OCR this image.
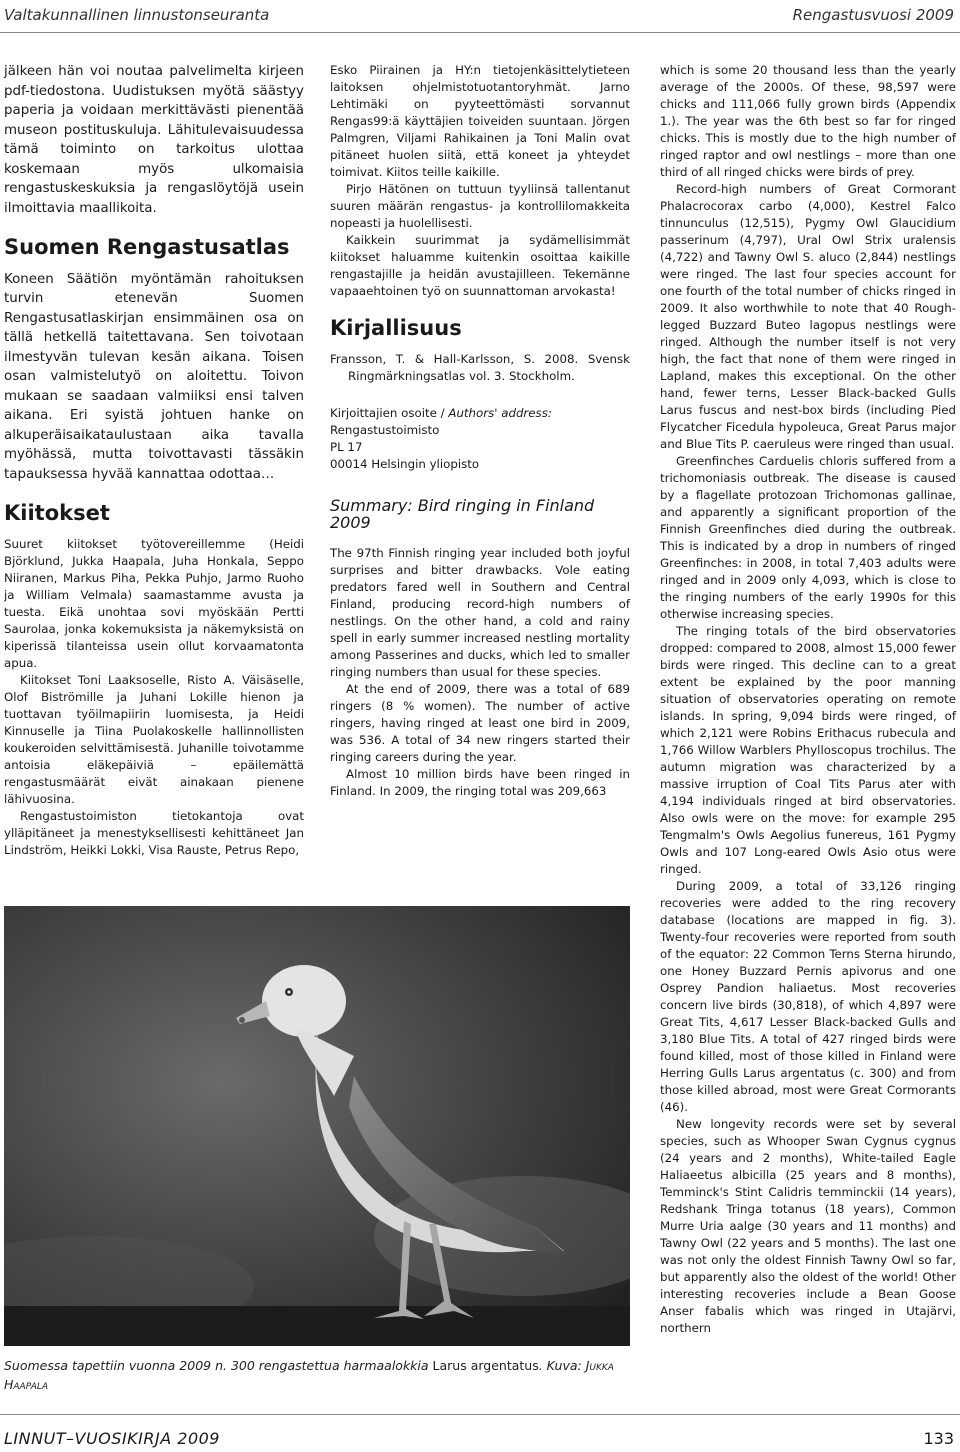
Valtakunnallinen linnustonseuranta	Rengastusvuosi 2009

jälkeen hän voi noutaa palvelimelta kirjeen pdf-tiedostona. Uudistuksen myötä säästyy paperia ja voidaan merkittävästi pienentää museon postituskuluja. Lähitulevaisuudessa tämä toiminto on tarkoitus ulottaa koskemaan myös ulkomaisia rengastuskeskuksia ja rengaslöytöjä usein ilmoittavia maallikoita.

Suomen Rengastusatlas

Koneen Säätiön myöntämän rahoituksen turvin etenevän Suomen Rengastusatlaskirjan ensimmäinen osa on tällä hetkellä taitettavana. Sen toivotaan ilmestyvän tulevan kesän aikana. Toisen osan valmistelutyö on aloitettu. Toivon mukaan se saadaan valmiiksi ensi talven aikana. Eri syistä johtuen hanke on alkuperäisaikataulustaan aika tavalla myöhässä, mutta toivottavasti tässäkin tapauksessa hyvää kannattaa odottaa…

Kiitokset

Suuret kiitokset työtovereillemme (Heidi Björklund, Jukka Haapala, Juha Honkala, Seppo Niiranen, Markus Piha, Pekka Puhjo, Jarmo Ruoho ja William Velmala) saamastamme avusta ja tuesta. Eikä unohtaa sovi myöskään Pertti Saurolaa, jonka kokemuksista ja näkemyksistä on kiperissä tilanteissa usein ollut korvaamatonta apua.

Kiitokset Toni Laaksoselle, Risto A. Väisäselle, Olof Biströmille ja Juhani Lokille hienon ja tuottavan työilmapiirin luomisesta, ja Heidi Kinnuselle ja Tiina Puolakoskelle hallinnollisten koukeroiden selvittämisestä. Juhanille toivotamme antoisia eläkepäiviä – epäilemättä rengastusmäärät eivät ainakaan pienene lähivuosina.

Rengastustoimiston tietokantoja ovat ylläpitäneet ja menestyksellisesti kehittäneet Jan Lindström, Heikki Lokki, Visa Rauste, Petrus Repo,

Esko Piirainen ja HY:n tietojenkäsittelytieteen laitoksen ohjelmistotuotantoryhmät. Jarno Lehtimäki on pyyteettömästi sorvannut Rengas99:ä käyttäjien toiveiden suuntaan. Jörgen Palmgren, Viljami Rahikainen ja Toni Malin ovat pitäneet huolen siitä, että koneet ja yhteydet toimivat. Kiitos teille kaikille.

Pirjo Hätönen on tuttuun tyyliinsä tallentanut suuren määrän rengastus- ja kontrollilomakkeita nopeasti ja huolellisesti.

Kaikkein suurimmat ja sydämellisimmät kiitokset haluamme kuitenkin osoittaa kaikille rengastajille ja heidän avustajilleen. Tekemänne vapaaehtoinen työ on suunnattoman arvokasta!

Kirjallisuus

Fransson, T. & Hall-Karlsson, S. 2008. Svensk Ringmärkningsatlas vol. 3. Stockholm.

Kirjoittajien osoite / Authors' address:

Rengastustoimisto

PL 17

00014 Helsingin yliopisto

Summary: Bird ringing in Finland 2009

The 97th Finnish ringing year included both joyful surprises and bitter drawbacks. Vole eating predators fared well in Southern and Central Finland, producing record-high numbers of nestlings. On the other hand, a cold and rainy spell in early summer increased nestling mortality among Passerines and ducks, which led to smaller ringing numbers than usual for these species.

At the end of 2009, there was a total of 689 ringers (8 % women). The number of active ringers, having ringed at least one bird in 2009, was 536. A total of 34 new ringers started their ringing careers during the year.

Almost 10 million birds have been ringed in Finland. In 2009, the ringing total was 209,663

which is some 20 thousand less than the yearly average of the 2000s. Of these, 98,597 were chicks and 111,066 fully grown birds (Appendix 1.). The year was the 6th best so far for ringed chicks. This is mostly due to the high number of ringed raptor and owl nestlings – more than one third of all ringed chicks were birds of prey.

Record-high numbers of Great Cormorant Phalacrocorax carbo (4,000), Kestrel Falco tinnunculus (12,515), Pygmy Owl Glaucidium passerinum (4,797), Ural Owl Strix uralensis (4,722) and Tawny Owl S. aluco (2,844) nestlings were ringed. The last four species account for one fourth of the total number of chicks ringed in 2009. It also worthwhile to note that 40 Rough-legged Buzzard Buteo lagopus nestlings were ringed. Although the number itself is not very high, the fact that none of them were ringed in Lapland, makes this exceptional. On the other hand, fewer terns, Lesser Black-backed Gulls Larus fuscus and nest-box birds (including Pied Flycatcher Ficedula hypoleuca, Great Parus major and Blue Tits P. caeruleus were ringed than usual.

Greenfinches Carduelis chloris suffered from a trichomoniasis outbreak. The disease is caused by a flagellate protozoan Trichomonas gallinae, and apparently a significant proportion of the Finnish Greenfinches died during the outbreak. This is indicated by a drop in numbers of ringed Greenfinches: in 2008, in total 7,403 adults were ringed and in 2009 only 4,093, which is close to the ringing numbers of the early 1990s for this otherwise increasing species.

The ringing totals of the bird observatories dropped: compared to 2008, almost 15,000 fewer birds were ringed. This decline can to a great extent be explained by the poor manning situation of observatories operating on remote islands. In spring, 9,094 birds were ringed, of which 2,121 were Robins Erithacus rubecula and 1,766 Willow Warblers Phylloscopus trochilus. The autumn migration was characterized by a massive irruption of Coal Tits Parus ater with 4,194 individuals ringed at bird observatories. Also owls were on the move: for example 295 Tengmalm's Owls Aegolius funereus, 161 Pygmy Owls and 107 Long-eared Owls Asio otus were ringed.

During 2009, a total of 33,126 ringing recoveries were added to the ring recovery database (locations are mapped in fig. 3). Twenty-four recoveries were reported from south of the equator: 22 Common Terns Sterna hirundo, one Honey Buzzard Pernis apivorus and one Osprey Pandion haliaetus. Most recoveries concern live birds (30,818), of which 4,897 were Great Tits, 4,617 Lesser Black-backed Gulls and 3,180 Blue Tits. A total of 427 ringed birds were found killed, most of those killed in Finland were Herring Gulls Larus argentatus (c. 300) and from those killed abroad, most were Great Cormorants (46).

New longevity records were set by several species, such as Whooper Swan Cygnus cygnus (24 years and 2 months), White-tailed Eagle Haliaeetus albicilla (25 years and 8 months), Temminck's Stint Calidris temminckii (14 years), Redshank Tringa totanus (18 years), Common Murre Uria aalge (30 years and 11 months) and Tawny Owl (22 years and 5 months). The last one was not only the oldest Finnish Tawny Owl so far, but apparently also the oldest of the world! Other interesting recoveries include a Bean Goose Anser fabalis which was ringed in Utajärvi, northern

Suomessa tapettiin vuonna 2009 n. 300 rengastettua harmaalokkia Larus argentatus. Kuva: Jukka Haapala
LINNUT–VUOSIKIRJA 2009	133
